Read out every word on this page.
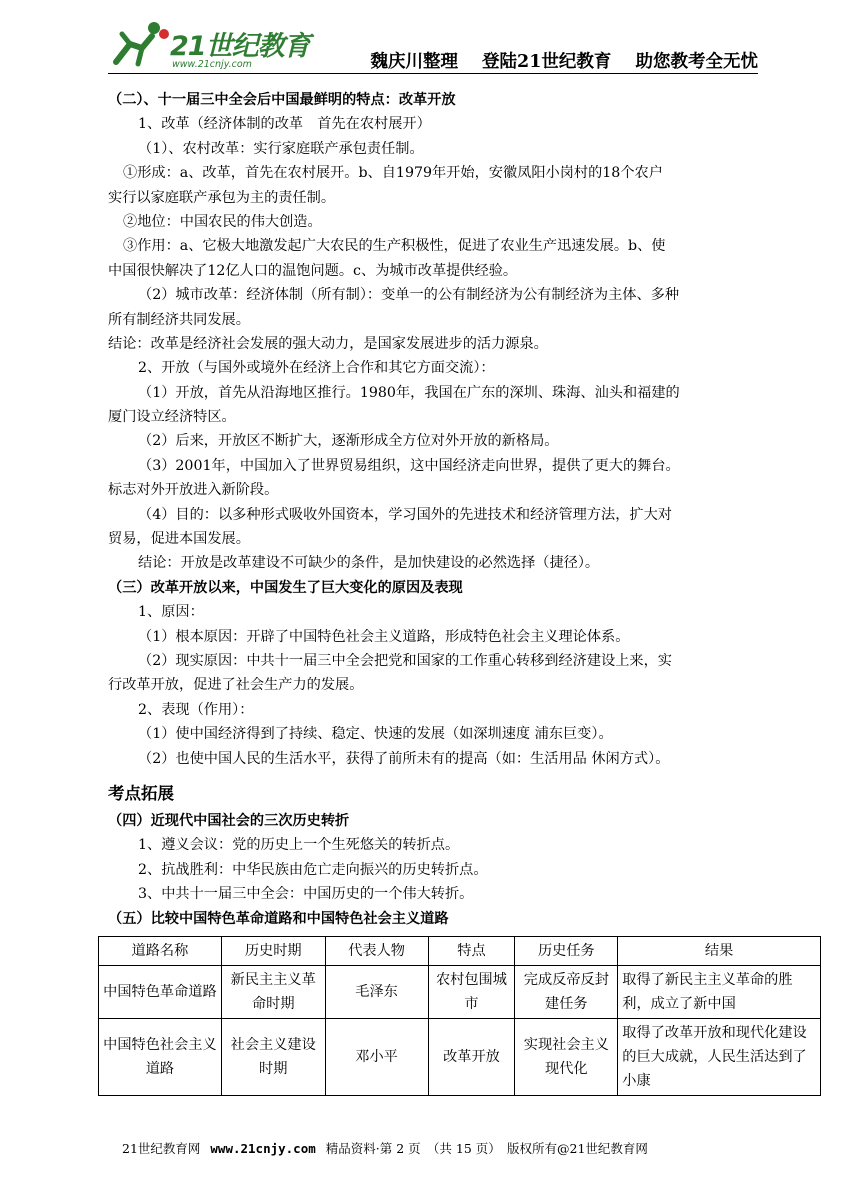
21世纪教育
www.21cnjy.com	魏庆川整理 登陆21世纪教育 助您教考全无忧
（二）、十一届三中全会后中国最鲜明的特点：改革开放
1、改革（经济体制的改革　首先在农村展开）
（1）、农村改革：实行家庭联产承包责任制。
①形成：a、改革，首先在农村展开。b、自1979年开始，安徽凤阳小岗村的18个农户
实行以家庭联产承包为主的责任制。
②地位：中国农民的伟大创造。
③作用：a、它极大地激发起广大农民的生产积极性，促进了农业生产迅速发展。b、使
中国很快解决了12亿人口的温饱问题。c、为城市改革提供经验。
（2）城市改革：经济体制（所有制）：变单一的公有制经济为公有制经济为主体、多种
所有制经济共同发展。
结论：改革是经济社会发展的强大动力，是国家发展进步的活力源泉。
2、开放（与国外或境外在经济上合作和其它方面交流）：
（1）开放，首先从沿海地区推行。1980年，我国在广东的深圳、珠海、汕头和福建的
厦门设立经济特区。
（2）后来，开放区不断扩大，逐渐形成全方位对外开放的新格局。
（3）2001年，中国加入了世界贸易组织，这中国经济走向世界，提供了更大的舞台。
标志对外开放进入新阶段。
（4）目的：以多种形式吸收外国资本，学习国外的先进技术和经济管理方法，扩大对
贸易，促进本国发展。
结论：开放是改革建设不可缺少的条件，是加快建设的必然选择（捷径）。
（三）改革开放以来，中国发生了巨大变化的原因及表现
1、原因：
（1）根本原因：开辟了中国特色社会主义道路，形成特色社会主义理论体系。
（2）现实原因：中共十一届三中全会把党和国家的工作重心转移到经济建设上来，实
行改革开放，促进了社会生产力的发展。
2、表现（作用）：
（1）使中国经济得到了持续、稳定、快速的发展（如深圳速度 浦东巨变）。
（2）也使中国人民的生活水平，获得了前所未有的提高（如：生活用品 休闲方式）。
考点拓展
（四）近现代中国社会的三次历史转折
1、遵义会议：党的历史上一个生死悠关的转折点。
2、抗战胜利：中华民族由危亡走向振兴的历史转折点。
3、中共十一届三中全会：中国历史的一个伟大转折。
（五）比较中国特色革命道路和中国特色社会主义道路
道路名称	历史时期	代表人物	特点	历史任务	结果
中国特色革命道路	新民主主义革命时期	毛泽东	农村包围城市	完成反帝反封建任务	取得了新民主主义革命的胜利，成立了新中国
中国特色社会主义道路	社会主义建设时期	邓小平	改革开放	实现社会主义现代化	取得了改革开放和现代化建设的巨大成就，人民生活达到了小康
21世纪教育网 www.21cnjy.com 精品资料·第 2 页　（共 15 页）　版权所有@21世纪教育网
